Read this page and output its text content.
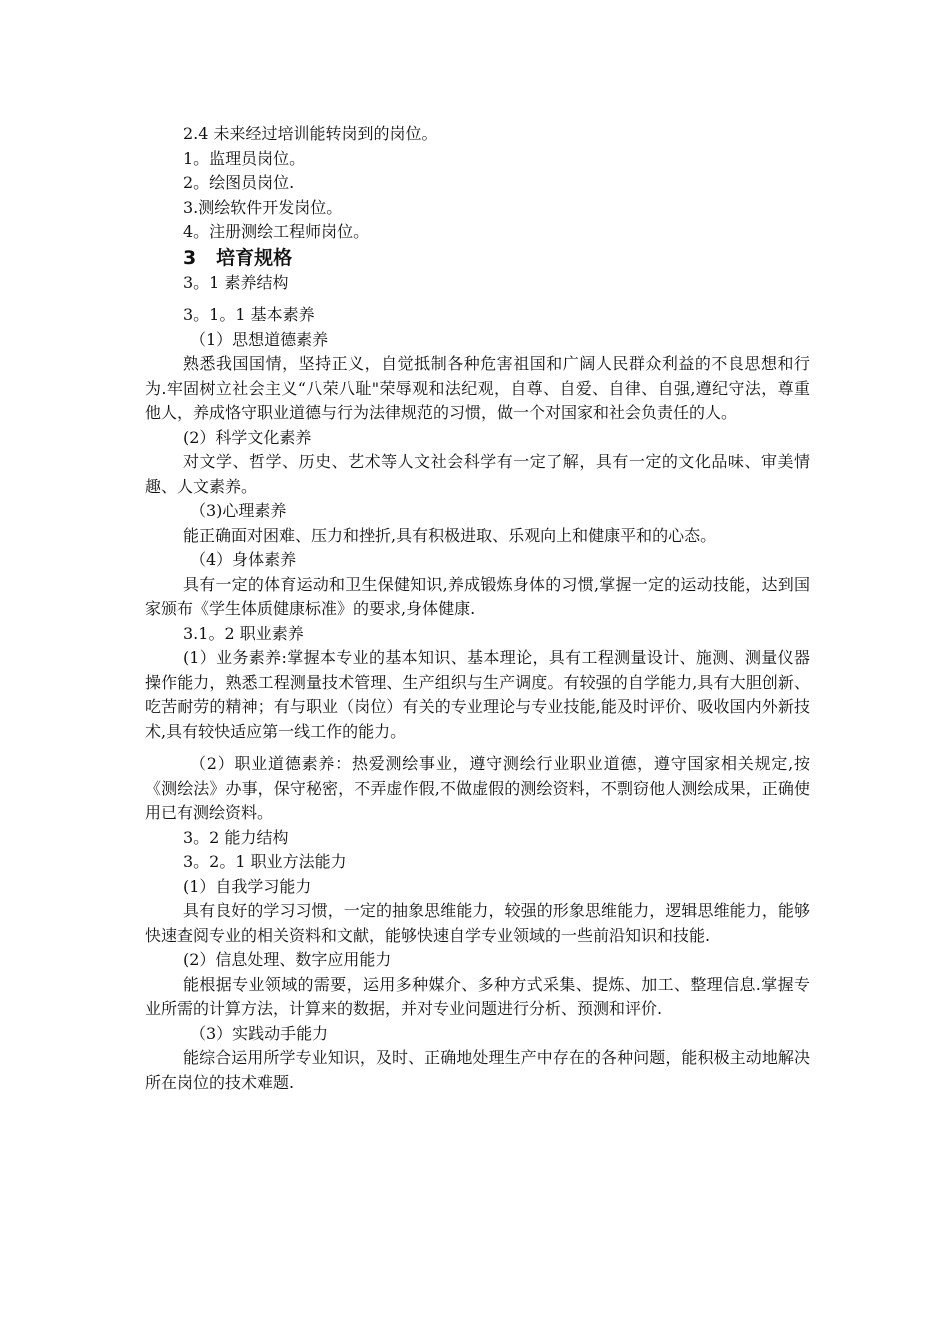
2.4 未来经过培训能转岗到的岗位。
1。监理员岗位。
2。绘图员岗位.
3.测绘软件开发岗位。
4。注册测绘工程师岗位。
3 培育规格
3。1 素养结构
3。1。1 基本素养
（1）思想道德素养
熟悉我国国情，坚持正义，自觉抵制各种危害祖国和广阔人民群众利益的不良思想和行为.牢固树立社会主义“八荣八耻"荣辱观和法纪观，自尊、自爱、自律、自强,遵纪守法，尊重他人，养成恪守职业道德与行为法律规范的习惯，做一个对国家和社会负责任的人。
(2）科学文化素养
对文学、哲学、历史、艺术等人文社会科学有一定了解，具有一定的文化品味、审美情趣、人文素养。
（3)心理素养
能正确面对困难、压力和挫折,具有积极进取、乐观向上和健康平和的心态。
（4）身体素养
具有一定的体育运动和卫生保健知识,养成锻炼身体的习惯,掌握一定的运动技能，达到国家颁布《学生体质健康标准》的要求,身体健康.
3.1。2 职业素养
(1）业务素养:掌握本专业的基本知识、基本理论，具有工程测量设计、施测、测量仪器操作能力，熟悉工程测量技术管理、生产组织与生产调度。有较强的自学能力,具有大胆创新、吃苦耐劳的精神；有与职业（岗位）有关的专业理论与专业技能,能及时评价、吸收国内外新技术,具有较快适应第一线工作的能力。
（2）职业道德素养：热爱测绘事业，遵守测绘行业职业道德，遵守国家相关规定,按《测绘法》办事，保守秘密，不弄虚作假,不做虚假的测绘资料，不剽窃他人测绘成果，正确使用已有测绘资料。
3。2 能力结构
3。2。1 职业方法能力
(1）自我学习能力
具有良好的学习习惯，一定的抽象思维能力，较强的形象思维能力，逻辑思维能力，能够快速查阅专业的相关资料和文献，能够快速自学专业领域的一些前沿知识和技能.
(2）信息处理、数字应用能力
能根据专业领域的需要，运用多种媒介、多种方式采集、提炼、加工、整理信息.掌握专业所需的计算方法，计算来的数据，并对专业问题进行分析、预测和评价.
（3）实践动手能力
能综合运用所学专业知识，及时、正确地处理生产中存在的各种问题，能积极主动地解决所在岗位的技术难题.
